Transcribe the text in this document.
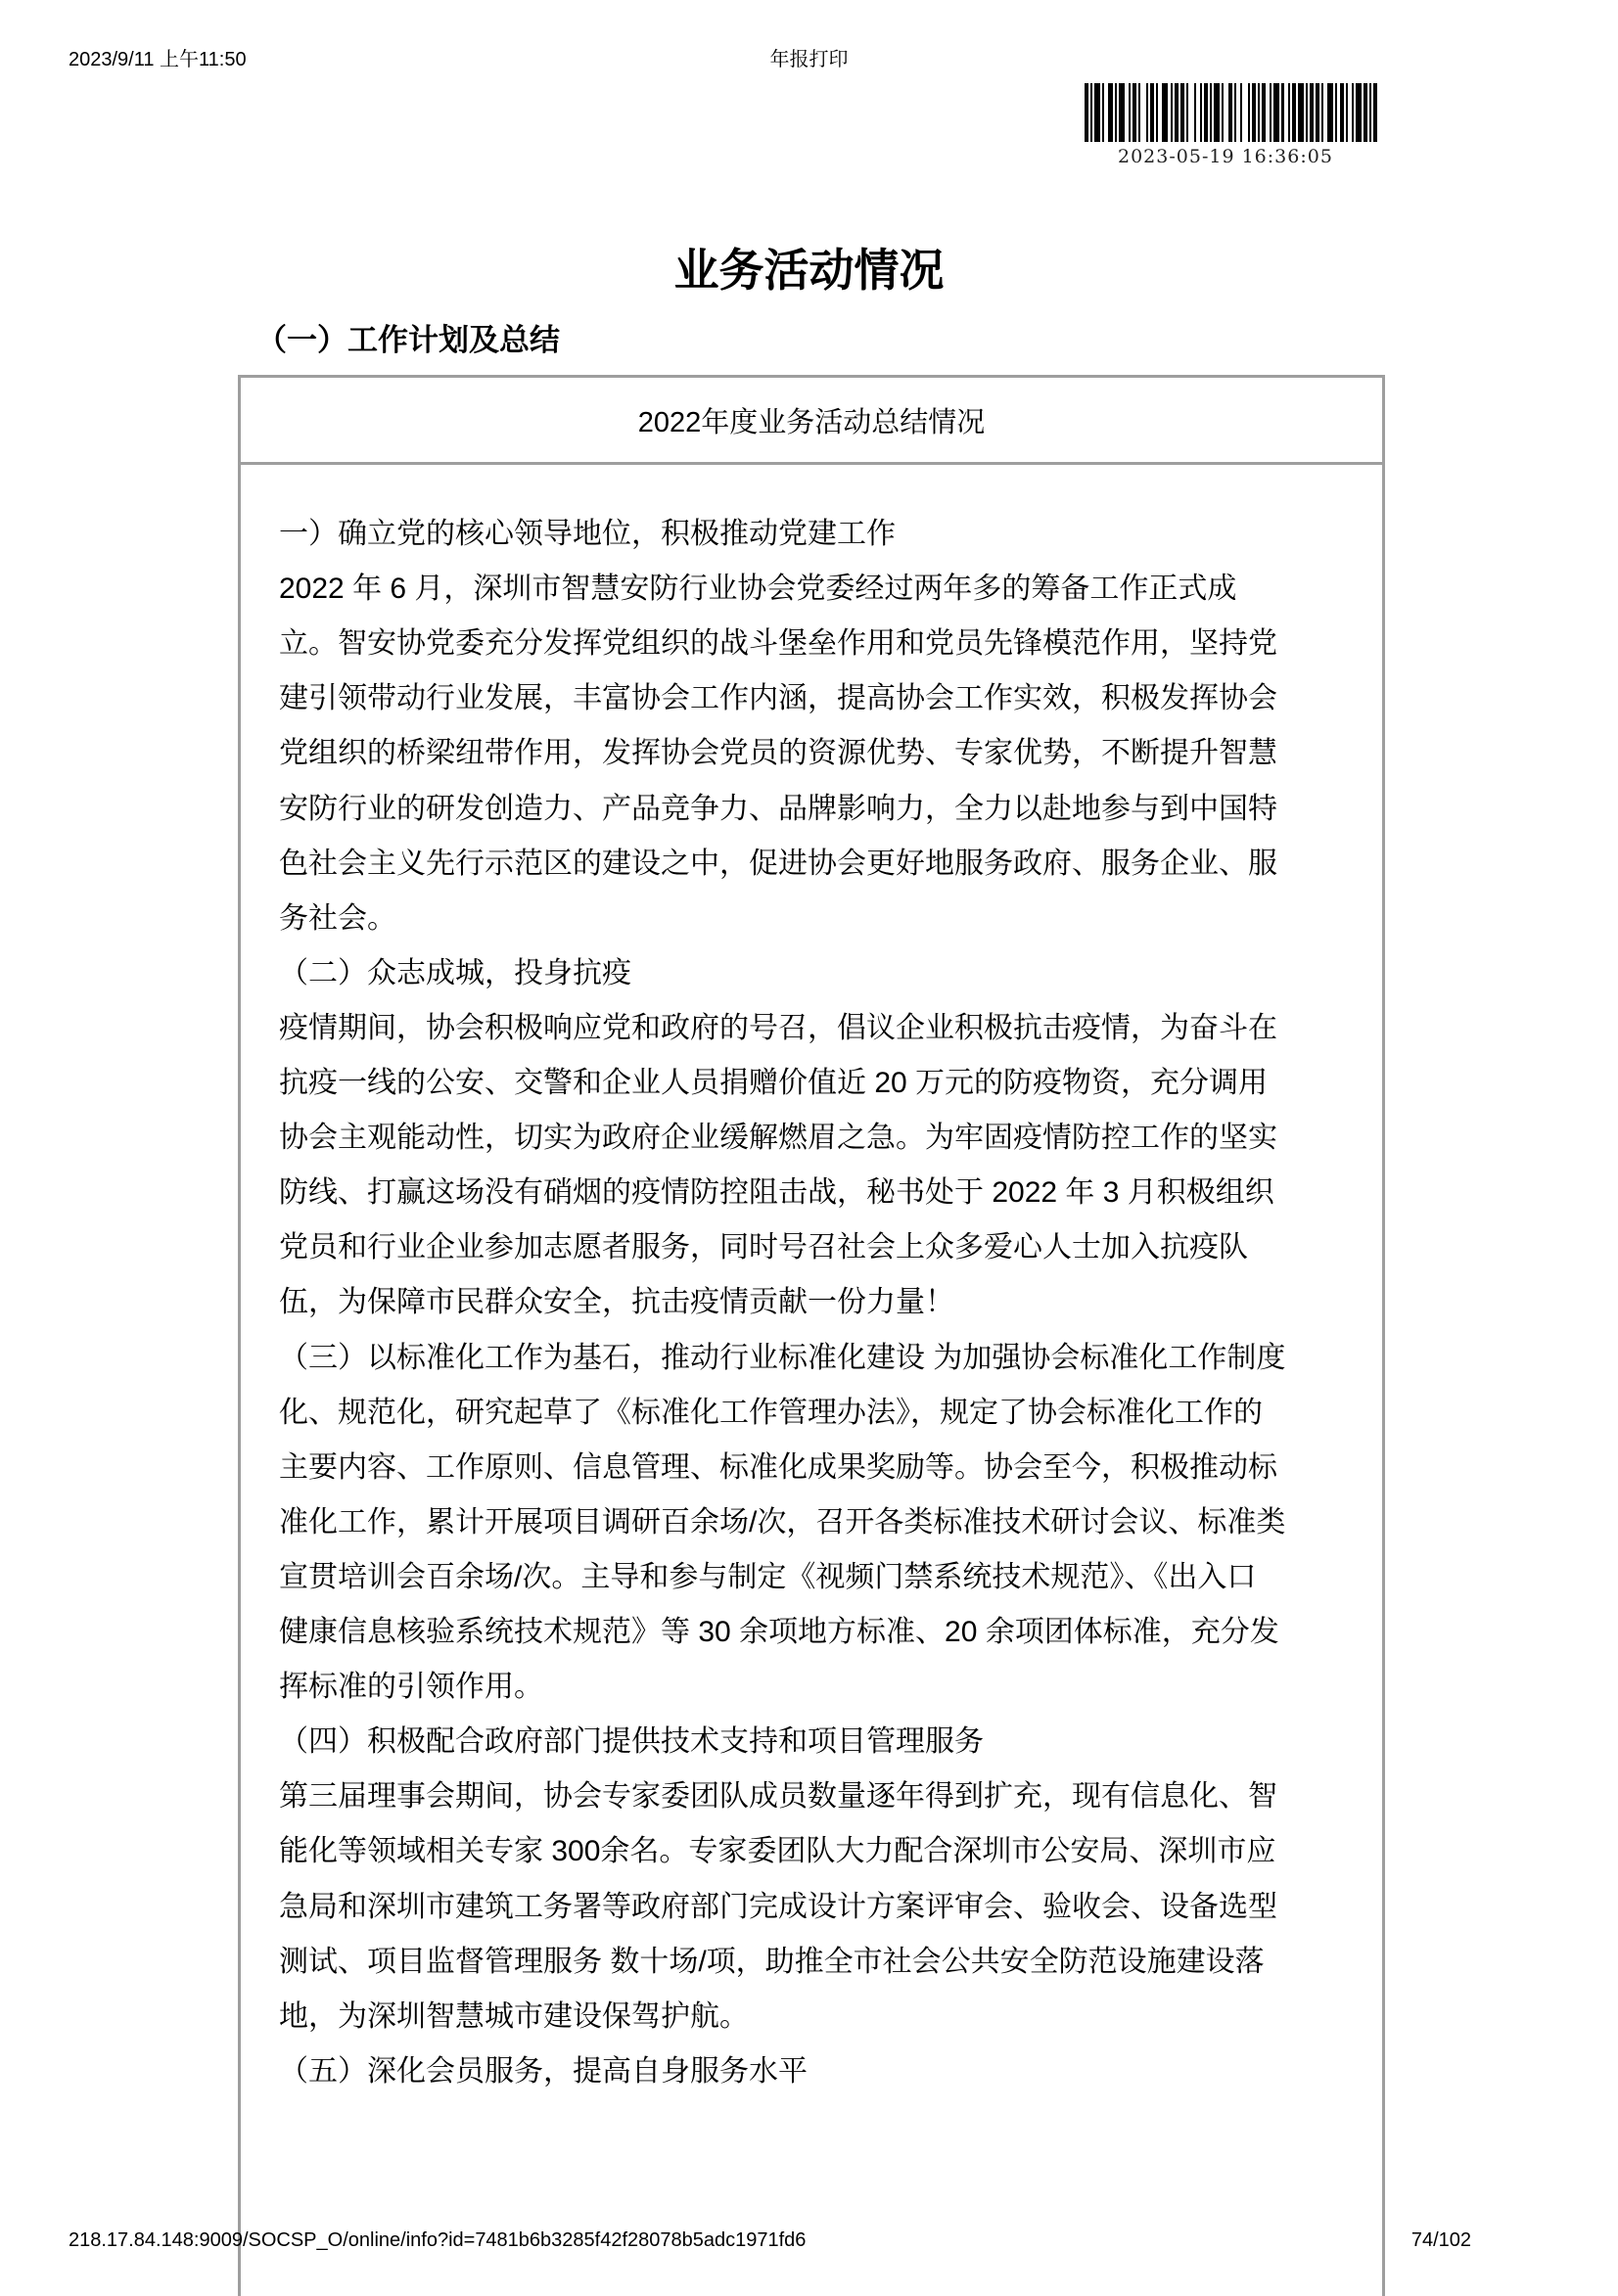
2023/9/11 上午11:50	年报打印
2023-05-19 16:36:05
业务活动情况
（一）工作计划及总结
2022年度业务活动总结情况
一）确立党的核心领导地位，积极推动党建工作
2022 年 6 月，深圳市智慧安防行业协会党委经过两年多的筹备工作正式成
立。智安协党委充分发挥党组织的战斗堡垒作用和党员先锋模范作用，坚持党
建引领带动行业发展，丰富协会工作内涵，提高协会工作实效，积极发挥协会
党组织的桥梁纽带作用，发挥协会党员的资源优势、专家优势，不断提升智慧
安防行业的研发创造力、产品竞争力、品牌影响力，全力以赴地参与到中国特
色社会主义先行示范区的建设之中，促进协会更好地服务政府、服务企业、服
务社会。
（二）众志成城，投身抗疫
疫情期间，协会积极响应党和政府的号召，倡议企业积极抗击疫情，为奋斗在
抗疫一线的公安、交警和企业人员捐赠价值近 20 万元的防疫物资，充分调用
协会主观能动性，切实为政府企业缓解燃眉之急。为牢固疫情防控工作的坚实
防线、打赢这场没有硝烟的疫情防控阻击战，秘书处于 2022 年 3 月积极组织
党员和行业企业参加志愿者服务，同时号召社会上众多爱心人士加入抗疫队
伍，为保障市民群众安全，抗击疫情贡献一份力量！
（三）以标准化工作为基石，推动行业标准化建设 为加强协会标准化工作制度
化、规范化，研究起草了《标准化工作管理办法》，规定了协会标准化工作的
主要内容、工作原则、信息管理、标准化成果奖励等。协会至今，积极推动标
准化工作，累计开展项目调研百余场/次，召开各类标准技术研讨会议、标准类
宣贯培训会百余场/次。主导和参与制定《视频门禁系统技术规范》、《出入口
健康信息核验系统技术规范》等 30 余项地方标准、20 余项团体标准，充分发
挥标准的引领作用。
（四）积极配合政府部门提供技术支持和项目管理服务
第三届理事会期间，协会专家委团队成员数量逐年得到扩充，现有信息化、智
能化等领域相关专家 300余名。专家委团队大力配合深圳市公安局、深圳市应
急局和深圳市建筑工务署等政府部门完成设计方案评审会、验收会、设备选型
测试、项目监督管理服务 数十场/项，助推全市社会公共安全防范设施建设落
地，为深圳智慧城市建设保驾护航。
（五）深化会员服务，提高自身服务水平
218.17.84.148:9009/SOCSP_O/online/info?id=7481b6b3285f42f28078b5adc1971fd6	74/102
